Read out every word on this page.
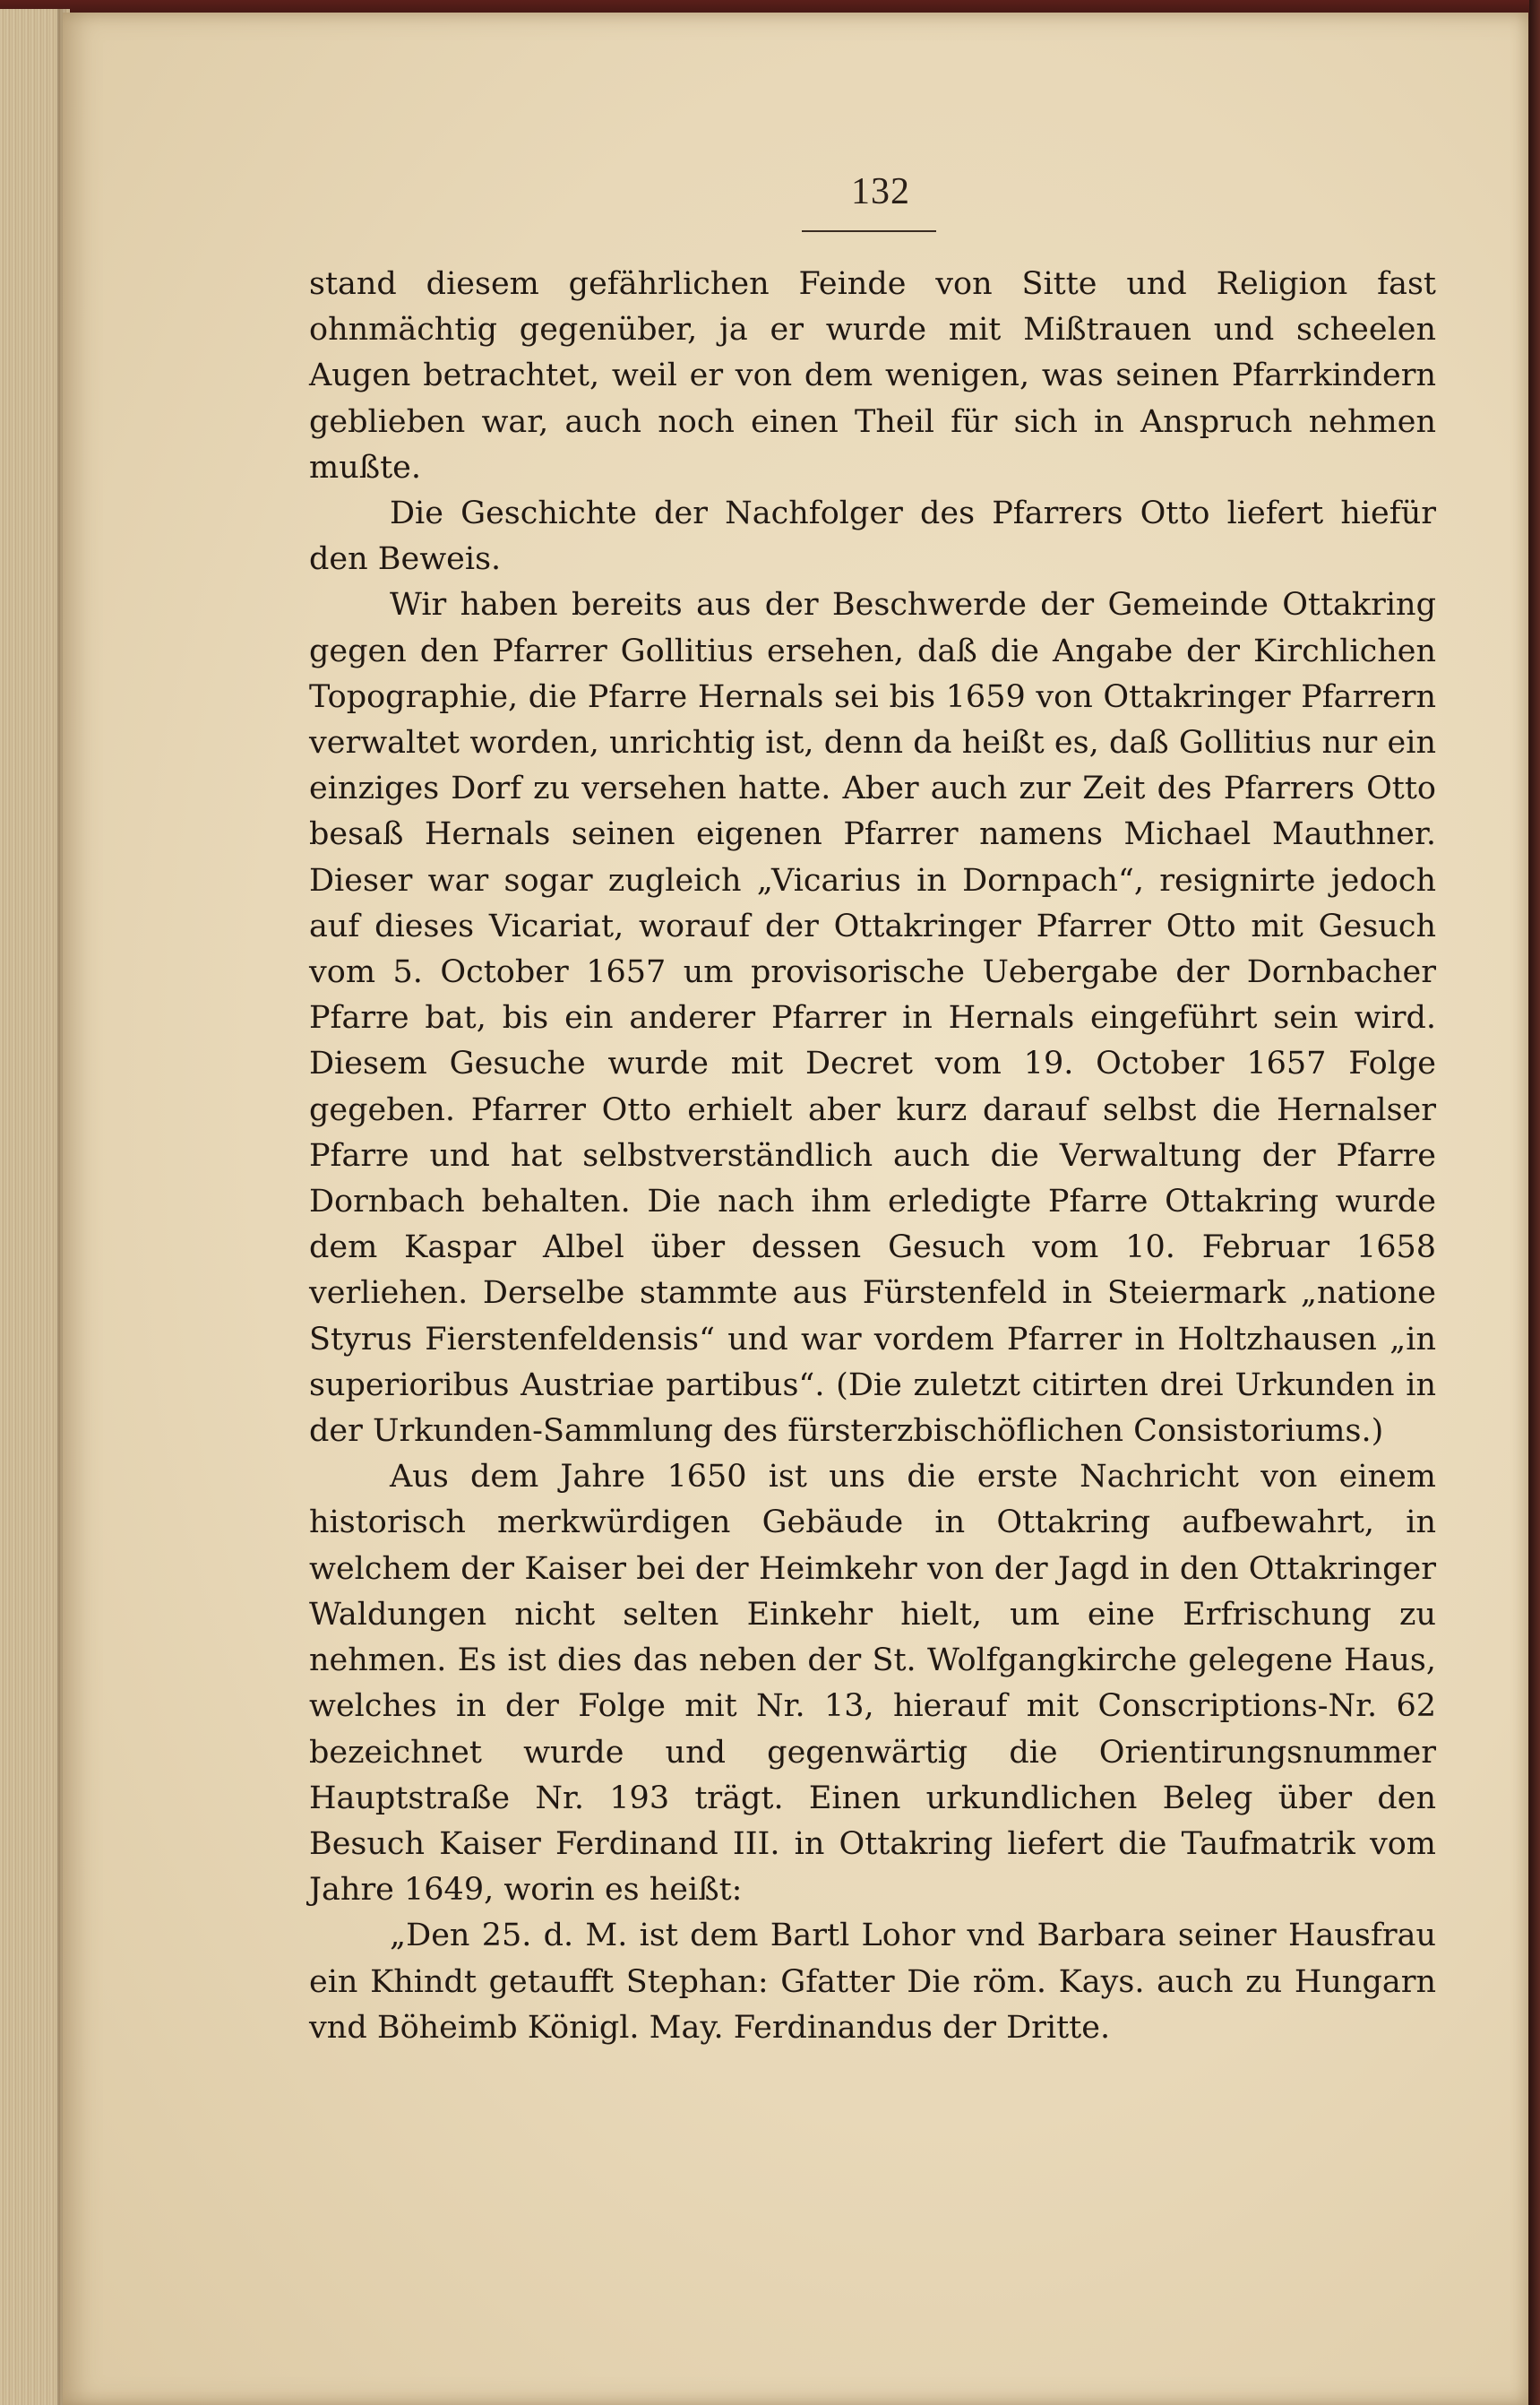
132

stand diesem gefährlichen Feinde von Sitte und Religion fast ohnmächtig gegenüber, ja er wurde mit Mißtrauen und scheelen Augen betrachtet, weil er von dem wenigen, was seinen Pfarrkindern geblieben war, auch noch einen Theil für sich in Anspruch nehmen mußte.

Die Geschichte der Nachfolger des Pfarrers Otto liefert hiefür den Beweis.

Wir haben bereits aus der Beschwerde der Gemeinde Ottakring gegen den Pfarrer Gollitius ersehen, daß die Angabe der Kirchlichen Topographie, die Pfarre Hernals sei bis 1659 von Ottakringer Pfarrern verwaltet worden, unrichtig ist, denn da heißt es, daß Gollitius nur ein einziges Dorf zu versehen hatte. Aber auch zur Zeit des Pfarrers Otto besaß Hernals seinen eigenen Pfarrer namens Michael Mauthner. Dieser war sogar zugleich „Vicarius in Dornpach“, resignirte jedoch auf dieses Vicariat, worauf der Ottakringer Pfarrer Otto mit Gesuch vom 5. October 1657 um provisorische Uebergabe der Dornbacher Pfarre bat, bis ein anderer Pfarrer in Hernals eingeführt sein wird. Diesem Gesuche wurde mit Decret vom 19. October 1657 Folge gegeben. Pfarrer Otto erhielt aber kurz darauf selbst die Hernalser Pfarre und hat selbstverständlich auch die Verwaltung der Pfarre Dornbach behalten. Die nach ihm erledigte Pfarre Ottakring wurde dem Kaspar Albel über dessen Gesuch vom 10. Februar 1658 verliehen. Derselbe stammte aus Fürstenfeld in Steiermark „natione Styrus Fierstenfeldensis“ und war vordem Pfarrer in Holtzhausen „in superioribus Austriae partibus“. (Die zuletzt citirten drei Urkunden in der Urkunden-Sammlung des fürsterzbischöflichen Consistoriums.)

Aus dem Jahre 1650 ist uns die erste Nachricht von einem historisch merkwürdigen Gebäude in Ottakring aufbewahrt, in welchem der Kaiser bei der Heimkehr von der Jagd in den Ottakringer Waldungen nicht selten Einkehr hielt, um eine Erfrischung zu nehmen. Es ist dies das neben der St. Wolfgangkirche gelegene Haus, welches in der Folge mit Nr. 13, hierauf mit Conscriptions-Nr. 62 bezeichnet wurde und gegenwärtig die Orientirungsnummer Hauptstraße Nr. 193 trägt. Einen urkundlichen Beleg über den Besuch Kaiser Ferdinand III. in Ottakring liefert die Taufmatrik vom Jahre 1649, worin es heißt:

„Den 25. d. M. ist dem Bartl Lohor vnd Barbara seiner Hausfrau ein Khindt getaufft Stephan: Gfatter Die röm. Kays. auch zu Hungarn vnd Böheimb Königl. May. Ferdinandus der Dritte.
